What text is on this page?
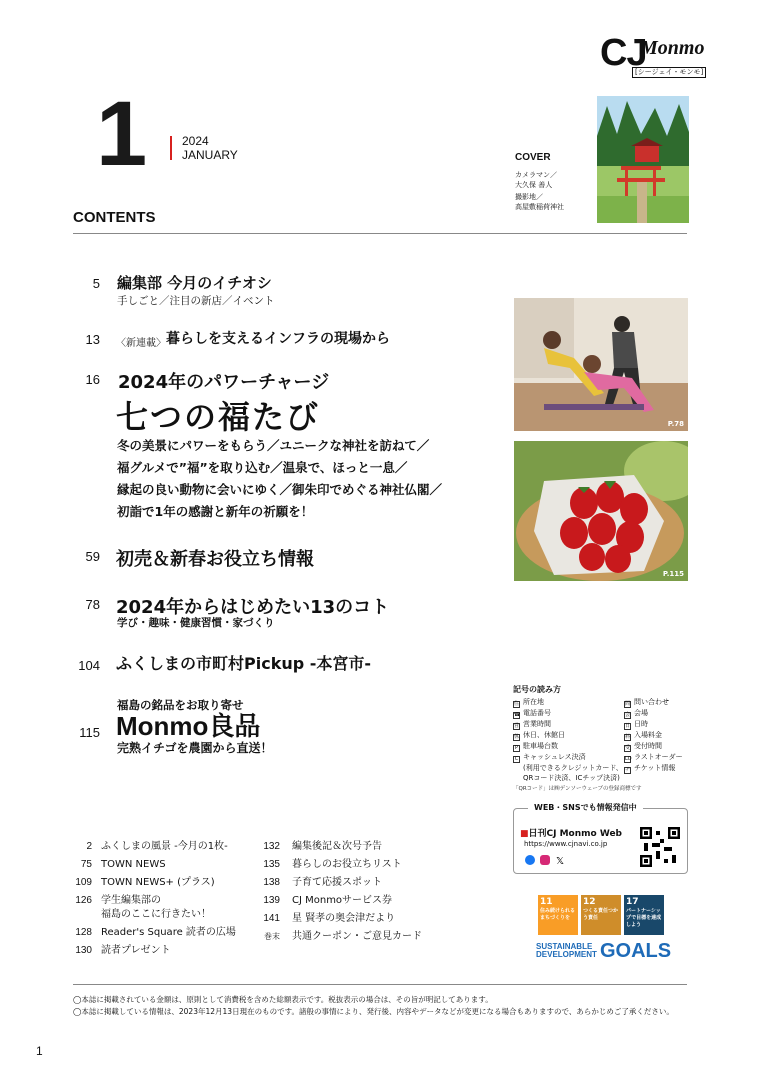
1	2024
JANUARY
CJ
Monmo
[シージェイ・モンモ]
COVER
カメラマン／
大久保 善人
撮影地／
高屋敷稲荷神社
CONTENTS
5 編集部 今月のイチオシ
手しごと／注目の新店／イベント
13 〈新連載〉 暮らしを支えるインフラの現場から
16 2024年のパワーチャージ
七つの福たび
冬の美景にパワーをもらう／ユニークな神社を訪ねて／
福グルメで”福”を取り込む／温泉で、ほっと一息／
縁起の良い動物に会いにゆく／御朱印でめぐる神社仏閣／
初詣で1年の感謝と新年の祈願を！
59 初売＆新春お役立ち情報
78 2024年からはじめたい13のコト
学び・趣味・健康習慣・家づくり
104 ふくしまの市町村Pickup -本宮市-
福島の銘品をお取り寄せ
115 Monmo良品
完熟イチゴを農園から直送！
P.78
P.115
記号の読み方
住 所在地
☎ 電話番号
営 営業時間
休 休日、休館日
P 駐車場台数
C キャッシュレス決済
(利用できるクレジットカード、
QRコード決済、ICチップ決済)
問 問い合わせ
会 会場
日 日時
料 入場料金
受 受付時間
LO ラストオーダー
チ チケット情報
「QRコード」は㈱デンソーウェーブの登録商標です
WEB・SNSでも情報発信中
■日刊CJ Monmo Web
https://www.cjnavi.co.jp
𝕏
11
住み続けられるまちづくりを
12
つくる責任つかう責任
17
パートナーシップで目標を達成しよう
SUSTAINABLE
DEVELOPMENT GOALS
2 ふくしまの風景 -今月の1枚-
75 TOWN NEWS
109 TOWN NEWS+ (プラス)
126 学生編集部の
福島のここに行きたい！
128 Reader's Square 読者の広場
130 読者プレゼント
132 編集後記＆次号予告
135 暮らしのお役立ちリスト
138 子育て応援スポット
139 CJ Monmoサービス券
141 星 賢孝の奥会津だより
巻末 共通クーポン・ご意見カード
◯本誌に掲載されている金額は、原則として消費税を含めた総額表示です。税抜表示の場合は、その旨が明記してあります。
◯本誌に掲載している情報は、2023年12月13日現在のものです。諸般の事情により、発行後、内容やデータなどが変更になる場合もありますので、あらかじめご了承ください。
1
